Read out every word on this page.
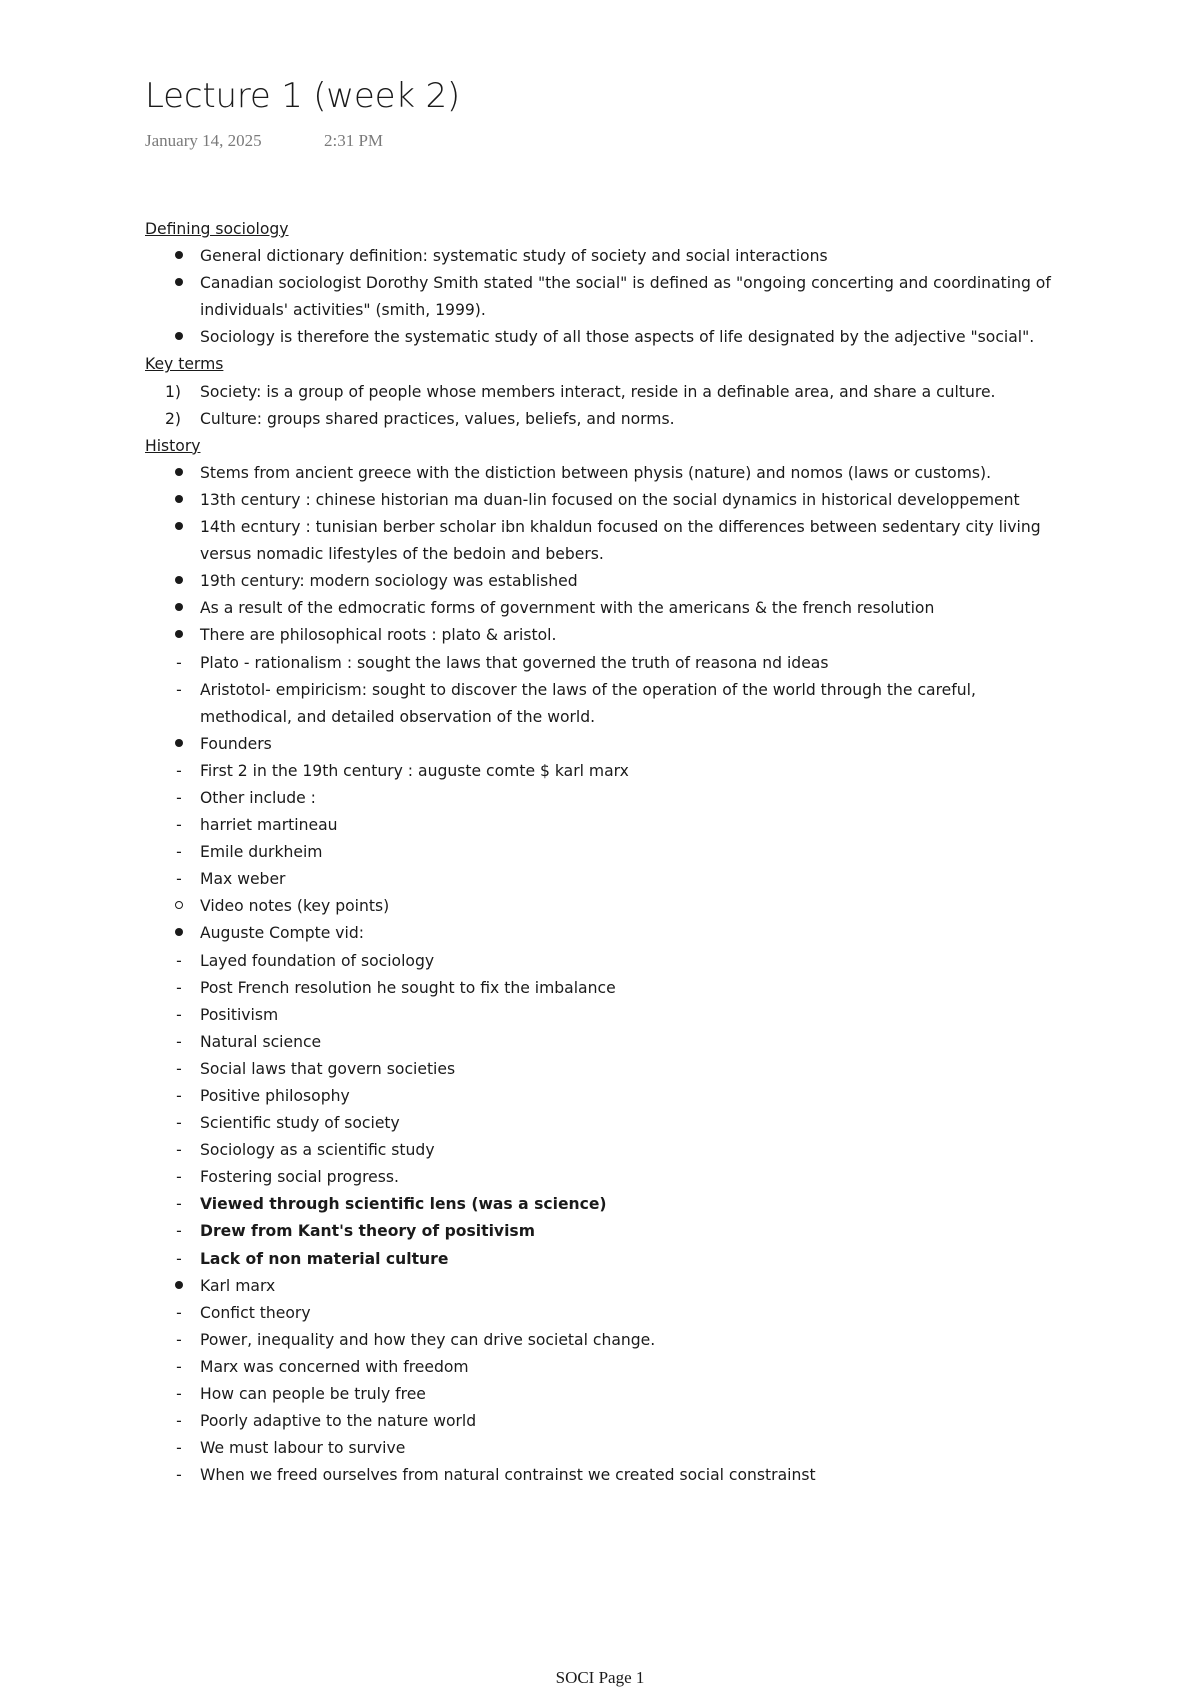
Lecture 1 (week 2)
January 14, 2025	2:31 PM
Defining sociology
General dictionary definition: systematic study of society and social interactions
Canadian sociologist Dorothy Smith stated "the social" is defined as "ongoing concerting and coordinating of individuals' activities" (smith, 1999).
Sociology is therefore the systematic study of all those aspects of life designated by the adjective "social".
Key terms
1)	Society: is a group of people whose members interact, reside in a definable area, and share a culture.
2)	Culture: groups shared practices, values, beliefs, and norms.
History
Stems from ancient greece with the distiction between physis (nature) and nomos (laws or customs).
13th century : chinese historian ma duan-lin focused on the social dynamics in historical developpement
14th ecntury : tunisian berber scholar ibn khaldun focused on the differences between sedentary city living versus nomadic lifestyles of the bedoin and bebers.
19th century: modern sociology was established
As a result of the edmocratic forms of government with the americans & the french resolution
There are philosophical roots : plato & aristol.
-	Plato - rationalism : sought the laws that governed the truth of reasona nd ideas
-	Aristotol- empiricism: sought to discover the laws of the operation of the world through the careful, methodical, and detailed observation of the world.
Founders
-	First 2 in the 19th century : auguste comte $ karl marx
-	Other include :
-	harriet martineau
-	Emile durkheim
-	Max weber
Video notes (key points)
Auguste Compte vid:
-	Layed foundation of sociology
-	Post French resolution he sought to fix the imbalance
-	Positivism
-	Natural science
-	Social laws that govern societies
-	Positive philosophy
-	Scientific study of society
-	Sociology as a scientific study
-	Fostering social progress.
-	Viewed through scientific lens (was a science)
-	Drew from Kant's theory of positivism
-	Lack of non material culture
Karl marx
-	Confict theory
-	Power, inequality and how they can drive societal change.
-	Marx was concerned with freedom
-	How can people be truly free
-	Poorly adaptive to the nature world
-	We must labour to survive
-	When we freed ourselves from natural contrainst we created social constrainst
SOCI Page 1
